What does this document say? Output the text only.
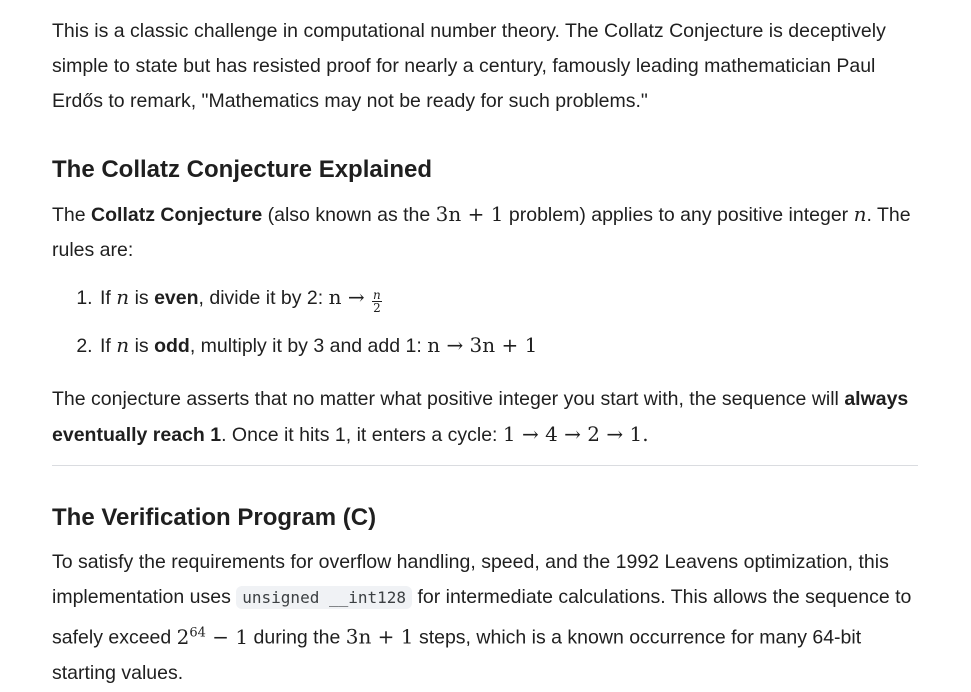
This is a classic challenge in computational number theory. The Collatz Conjecture is deceptively simple to state but has resisted proof for nearly a century, famously leading mathematician Paul Erdős to remark, "Mathematics may not be ready for such problems."

The Collatz Conjecture Explained

The Collatz Conjecture (also known as the 3n + 1 problem) applies to any positive integer n. The rules are:

1. If n is even, divide it by 2: $n \to \frac{n}{2}$
2. If n is odd, multiply it by 3 and add 1: n → 3n + 1

The conjecture asserts that no matter what positive integer you start with, the sequence will always eventually reach 1. Once it hits 1, it enters a cycle: 1 → 4 → 2 → 1.

The Verification Program (C)

To satisfy the requirements for overflow handling, speed, and the 1992 Leavens optimization, this implementation uses unsigned __int128 for intermediate calculations. This allows the sequence to safely exceed $2^{64} - 1$ during the 3n + 1 steps, which is a known occurrence for many 64-bit starting values.
